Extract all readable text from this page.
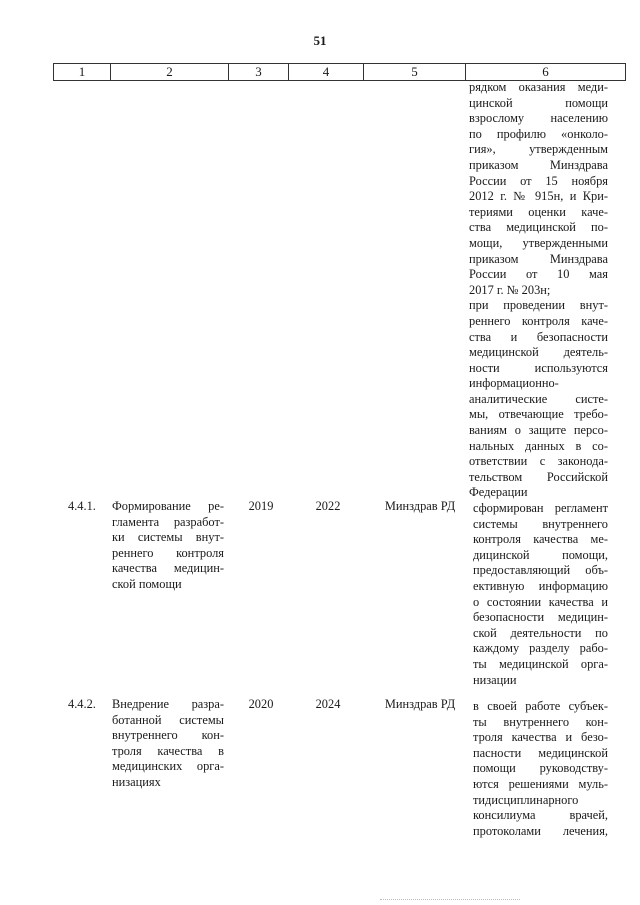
51
1	2	3	4	5	6
рядком оказания меди-
цинской помощи
взрослому населению
по профилю «онколо-
гия», утвержденным
приказом Минздрава
России от 15 ноября
2012 г. № 915н, и Кри-
териями оценки каче-
ства медицинской по-
мощи, утвержденными
приказом Минздрава
России от 10 мая
2017 г. № 203н;
при проведении внут-
реннего контроля каче-
ства и безопасности
медицинской деятель-
ности используются
информационно-
аналитические систе-
мы, отвечающие требо-
ваниям о защите персо-
нальных данных в со-
ответствии с законода-
тельством Российской
Федерации
4.4.1. Формирование ре-
гламента разработ-
ки системы внут-
реннего контроля
качества медицин-
ской помощи
2019	2022	Минздрав РД	сформирован регламент
системы внутреннего
контроля качества ме-
дицинской помощи,
предоставляющий объ-
ективную информацию
о состоянии качества и
безопасности медицин-
ской деятельности по
каждому разделу рабо-
ты медицинской орга-
низации
4.4.2. Внедрение разра-
ботанной системы
внутреннего кон-
троля качества в
медицинских орга-
низациях
2020	2024	Минздрав РД	в своей работе субъек-
ты внутреннего кон-
троля качества и безо-
пасности медицинской
помощи руководству-
ются решениями муль-
тидисциплинарного
консилиума врачей,
протоколами лечения,
